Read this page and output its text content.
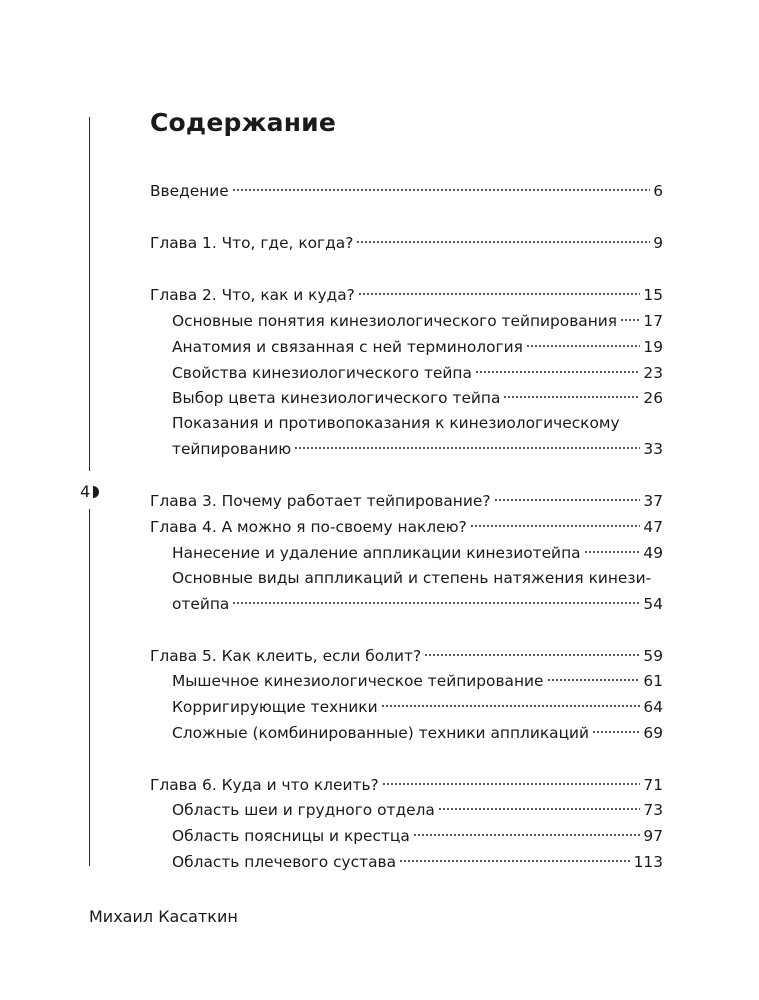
4
Содержание
Введение	6
Глава 1. Что, где, когда?	9
Глава 2. Что, как и куда?	15
Основные понятия кинезиологического тейпирования 17
Анатомия и связанная с ней терминология	19
Свойства кинезиологического тейпа	23
Выбор цвета кинезиологического тейпа	26
Показания и противопоказания к кинезиологическому
тейпированию	33
Глава 3. Почему работает тейпирование?	37
Глава 4. А можно я по-своему наклею?	47
Нанесение и удаление аппликации кинезиотейпа	49
Основные виды аппликаций и степень натяжения кинези-
отейпа	54
Глава 5. Как клеить, если болит?	59
Мышечное кинезиологическое тейпирование	61
Корригирующие техники	64
Сложные (комбинированные) техники аппликаций	69
Глава 6. Куда и что клеить?	71
Область шеи и грудного отдела	73
Область поясницы и крестца	97
Область плечевого сустава	113
Михаил Касаткин
